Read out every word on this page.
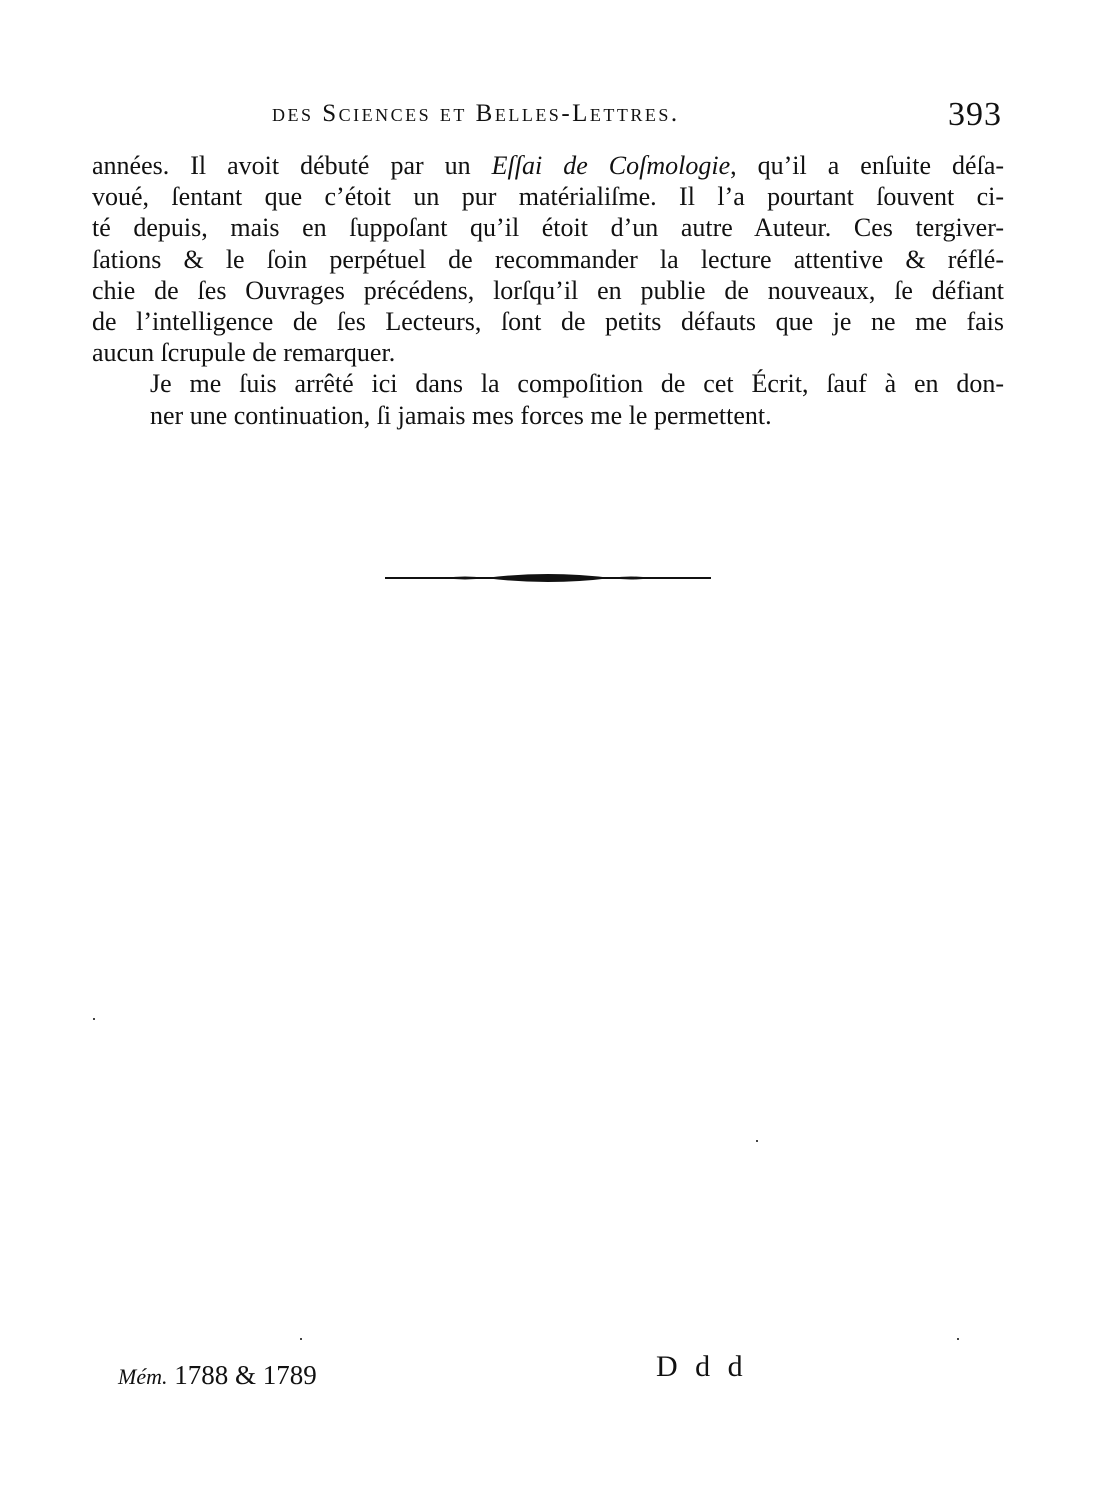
des Sciences et Belles-Lettres.	393

années. Il avoit débuté par un Eſſai de Coſmologie, qu’il a enſuite déſa-
voué, ſentant que c’étoit un pur matérialiſme. Il l’a pourtant ſouvent ci-
té depuis, mais en ſuppoſant qu’il étoit d’un autre Auteur. Ces tergiver-
ſations & le ſoin perpétuel de recommander la lecture attentive & réflé-
chie de ſes Ouvrages précédens, lorſqu’il en publie de nouveaux, ſe défiant
de l’intelligence de ſes Lecteurs, ſont de petits défauts que je ne me fais
aucun ſcrupule de remarquer.

Je me ſuis arrêté ici dans la compoſition de cet Écrit, ſauf à en don-
ner une continuation, ſi jamais mes forces me le permettent.

Mém. 1788 & 1789	D d d
